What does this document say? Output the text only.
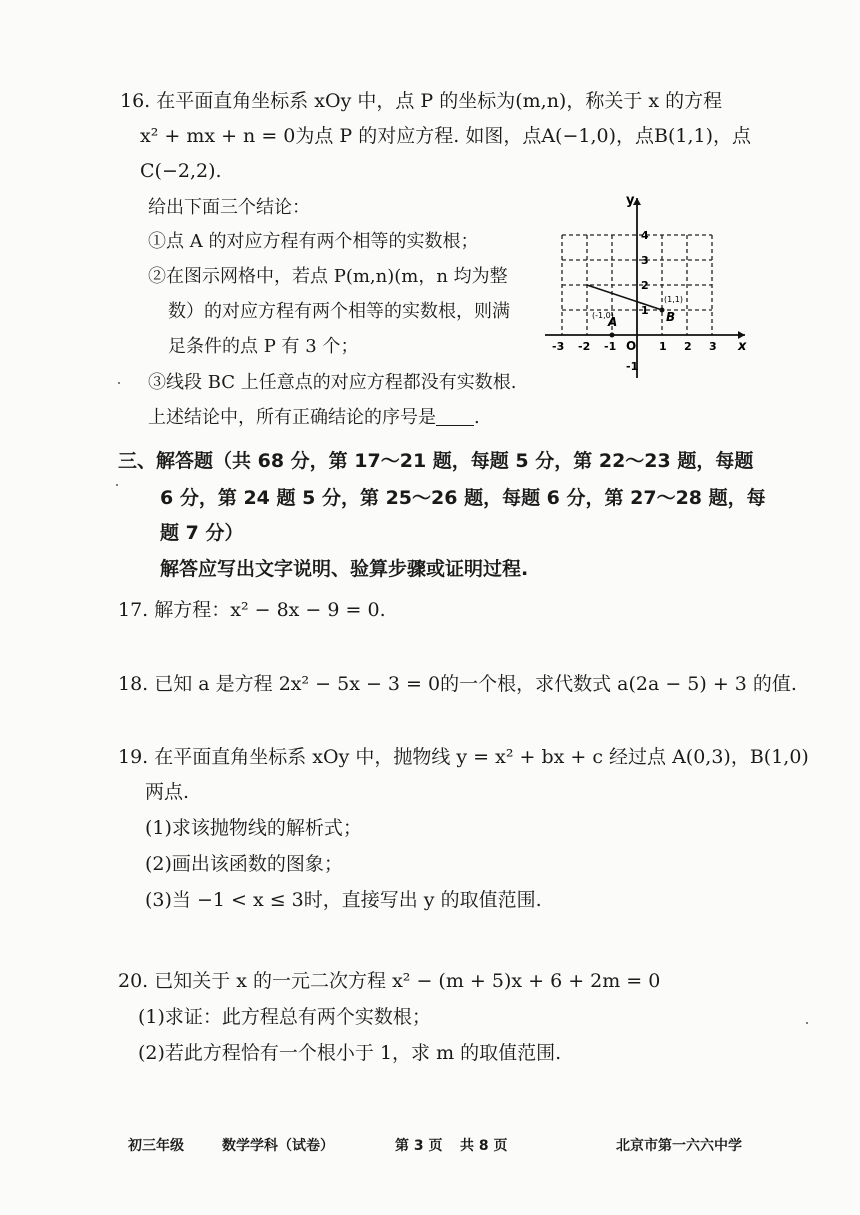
16. 在平面直角坐标系 xOy 中，点 P 的坐标为(m,n)，称关于 x 的方程
x² + mx + n = 0为点 P 的对应方程. 如图，点A(−1,0)，点B(1,1)，点
C(−2,2).
给出下面三个结论：
①点 A 的对应方程有两个相等的实数根；
②在图示网格中，若点 P(m,n)(m，n 均为整
数）的对应方程有两个相等的实数根，则满
足条件的点 P 有 3 个；
③线段 BC 上任意点的对应方程都没有实数根.
上述结论中，所有正确结论的序号是 .
y
x
O
-3 -2 -1	1 2 3
4
3
2
1
-1
A
(-1,0)	B
(1,1)
三、解答题（共 68 分，第 17～21 题，每题 5 分，第 22～23 题，每题
6 分，第 24 题 5 分，第 25～26 题，每题 6 分，第 27～28 题，每
题 7 分）
解答应写出文字说明、验算步骤或证明过程.
17. 解方程：x² − 8x − 9 = 0.
18. 已知 a 是方程 2x² − 5x − 3 = 0的一个根，求代数式 a(2a − 5) + 3 的值.
19. 在平面直角坐标系 xOy 中，抛物线 y = x² + bx + c 经过点 A(0,3)，B(1,0)
两点.
(1)求该抛物线的解析式；
(2)画出该函数的图象；
(3)当 −1 < x ≤ 3时，直接写出 y 的取值范围.
20. 已知关于 x 的一元二次方程 x² − (m + 5)x + 6 + 2m = 0
(1)求证：此方程总有两个实数根；
(2)若此方程恰有一个根小于 1，求 m 的取值范围.
初三年级	数学学科（试卷）	第 3 页 共 8 页	北京市第一六六中学
